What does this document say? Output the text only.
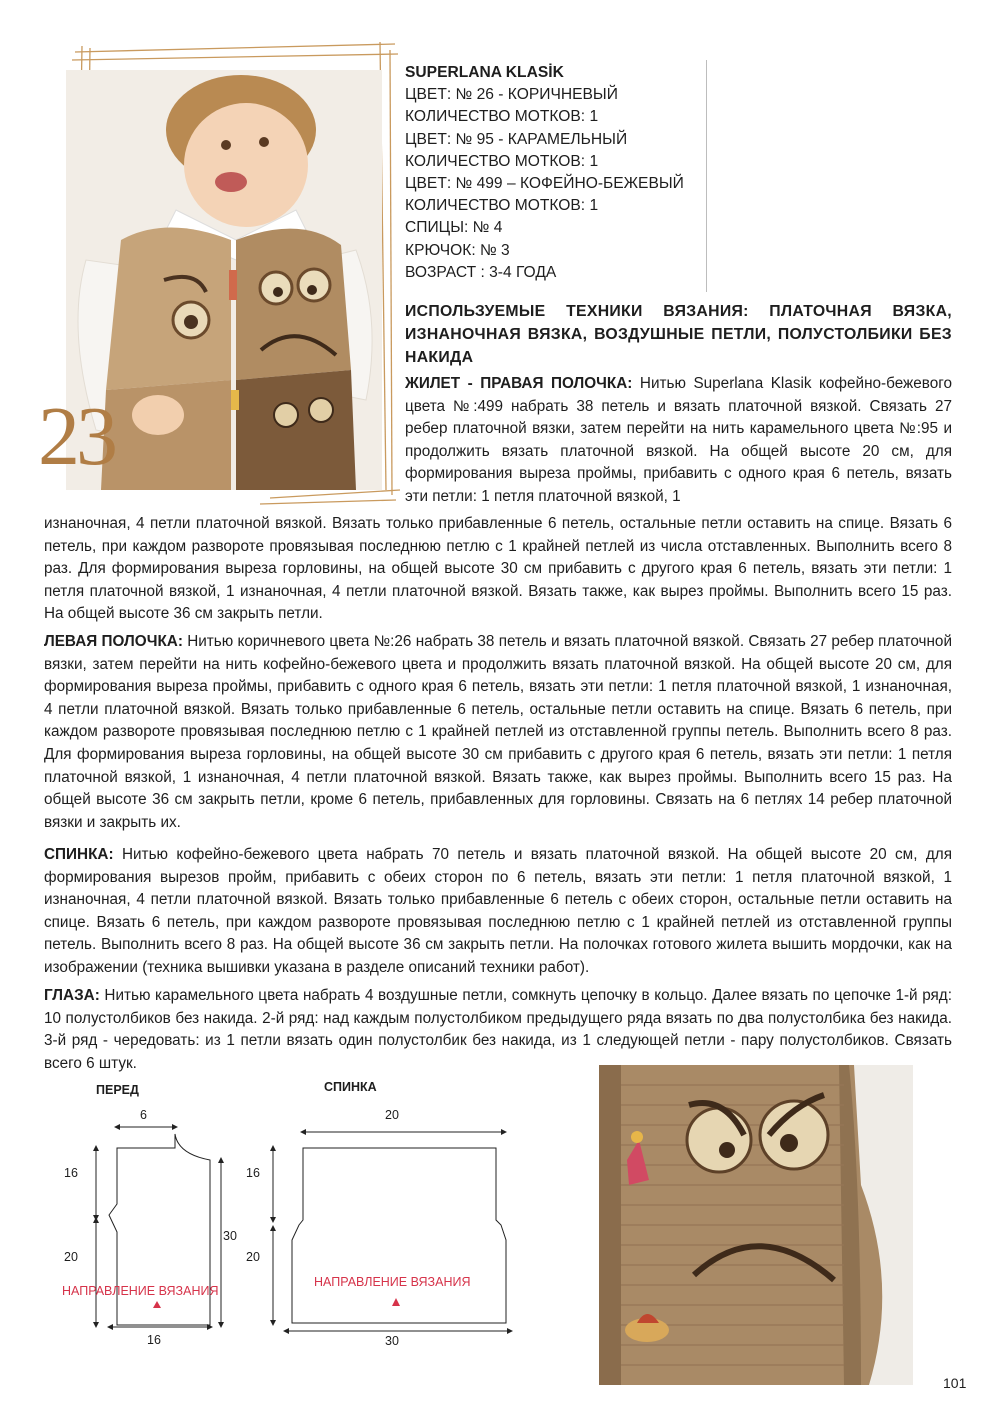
23
SUPERLANA KLASİK
ЦВЕТ: № 26 - КОРИЧНЕВЫЙ
КОЛИЧЕСТВО МОТКОВ: 1
ЦВЕТ: № 95 - КАРАМЕЛЬНЫЙ
КОЛИЧЕСТВО МОТКОВ: 1
ЦВЕТ: № 499 – КОФЕЙНО-БЕЖЕВЫЙ
КОЛИЧЕСТВО МОТКОВ: 1
СПИЦЫ: № 4
КРЮЧОК: № 3
ВОЗРАСТ : 3-4 ГОДА
ИСПОЛЬЗУЕМЫЕ ТЕХНИКИ ВЯЗАНИЯ: ПЛАТОЧНАЯ ВЯЗКА, ИЗНАНОЧНАЯ ВЯЗКА, ВОЗДУШНЫЕ ПЕТЛИ, ПОЛУСТОЛБИКИ БЕЗ НАКИДА
ЖИЛЕТ - ПРАВАЯ ПОЛОЧКА: Нитью Superlana Klasik кофейно-бежевого цвета №:499 набрать 38 петель и вязать платочной вязкой. Связать 27 ребер платочной вязки, затем перейти на нить карамельного цвета №:95 и продолжить вязать платочной вязкой. На общей высоте 20 см, для формирования выреза проймы, прибавить с одного края 6 петель, вязать эти петли: 1 петля платочной вязкой, 1
изнаночная, 4 петли платочной вязкой. Вязать только прибавленные 6 петель, остальные петли оставить на спице. Вязать 6 петель, при каждом развороте провязывая последнюю петлю с 1 крайней петлей из числа отставленных. Выполнить всего 8 раз. Для формирования выреза горловины, на общей высоте 30 см прибавить с другого края 6 петель, вязать эти петли: 1 петля платочной вязкой, 1 изнаночная, 4 петли платочной вязкой. Вязать также, как вырез проймы. Выполнить всего 15 раз. На общей высоте 36 см закрыть петли.
ЛЕВАЯ ПОЛОЧКА: Нитью коричневого цвета №:26 набрать 38 петель и вязать платочной вязкой. Связать 27 ребер платочной вязки, затем перейти на нить кофейно-бежевого цвета и продолжить вязать платочной вязкой. На общей высоте 20 см, для формирования выреза проймы, прибавить с одного края 6 петель, вязать эти петли: 1 петля платочной вязкой, 1 изнаночная, 4 петли платочной вязкой. Вязать только прибавленные 6 петель, остальные петли оставить на спице. Вязать 6 петель, при каждом развороте провязывая последнюю петлю с 1 крайней петлей из отставленной группы петель. Выполнить всего 8 раз. Для формирования выреза горловины, на общей высоте 30 см прибавить с другого края 6 петель, вязать эти петли: 1 петля платочной вязкой, 1 изнаночная, 4 петли платочной вязкой. Вязать также, как вырез проймы. Выполнить всего 15 раз. На общей высоте 36 см закрыть петли, кроме 6 петель, прибавленных для горловины. Связать на 6 петлях 14 ребер платочной вязки и закрыть их.
СПИНКА: Нитью кофейно-бежевого цвета набрать 70 петель и вязать платочной вязкой. На общей высоте 20 см, для формирования вырезов пройм, прибавить с обеих сторон по 6 петель, вязать эти петли: 1 петля платочной вязкой, 1 изнаночная, 4 петли платочной вязкой. Вязать только прибавленные 6 петель с обеих сторон, остальные петли оставить на спице. Вязать 6 петель, при каждом развороте провязывая последнюю петлю с 1 крайней петлей из отставленной группы петель. Выполнить всего 8 раз. На общей высоте 36 см закрыть петли. На полочках готового жилета вышить мордочки, как на изображении (техника вышивки указана в разделе описаний техники работ).
ГЛАЗА: Нитью карамельного цвета набрать 4 воздушные петли, сомкнуть цепочку в кольцо. Далее вязать по цепочке 1-й ряд: 10 полустолбиков без накида. 2-й ряд: над каждым полустолбиком предыдущего ряда вязать по два полустолбика без накида. 3-й ряд - чередовать: из 1 петли вязать один полустолбик без накида, из 1 следующей петли - пару полустолбиков. Связать всего 6 штук.
ПЕРЕД
6
16
20
30
16
НАПРАВЛЕНИЕ ВЯЗАНИЯ
СПИНКА
20
16
20
30
НАПРАВЛЕНИЕ ВЯЗАНИЯ
101
